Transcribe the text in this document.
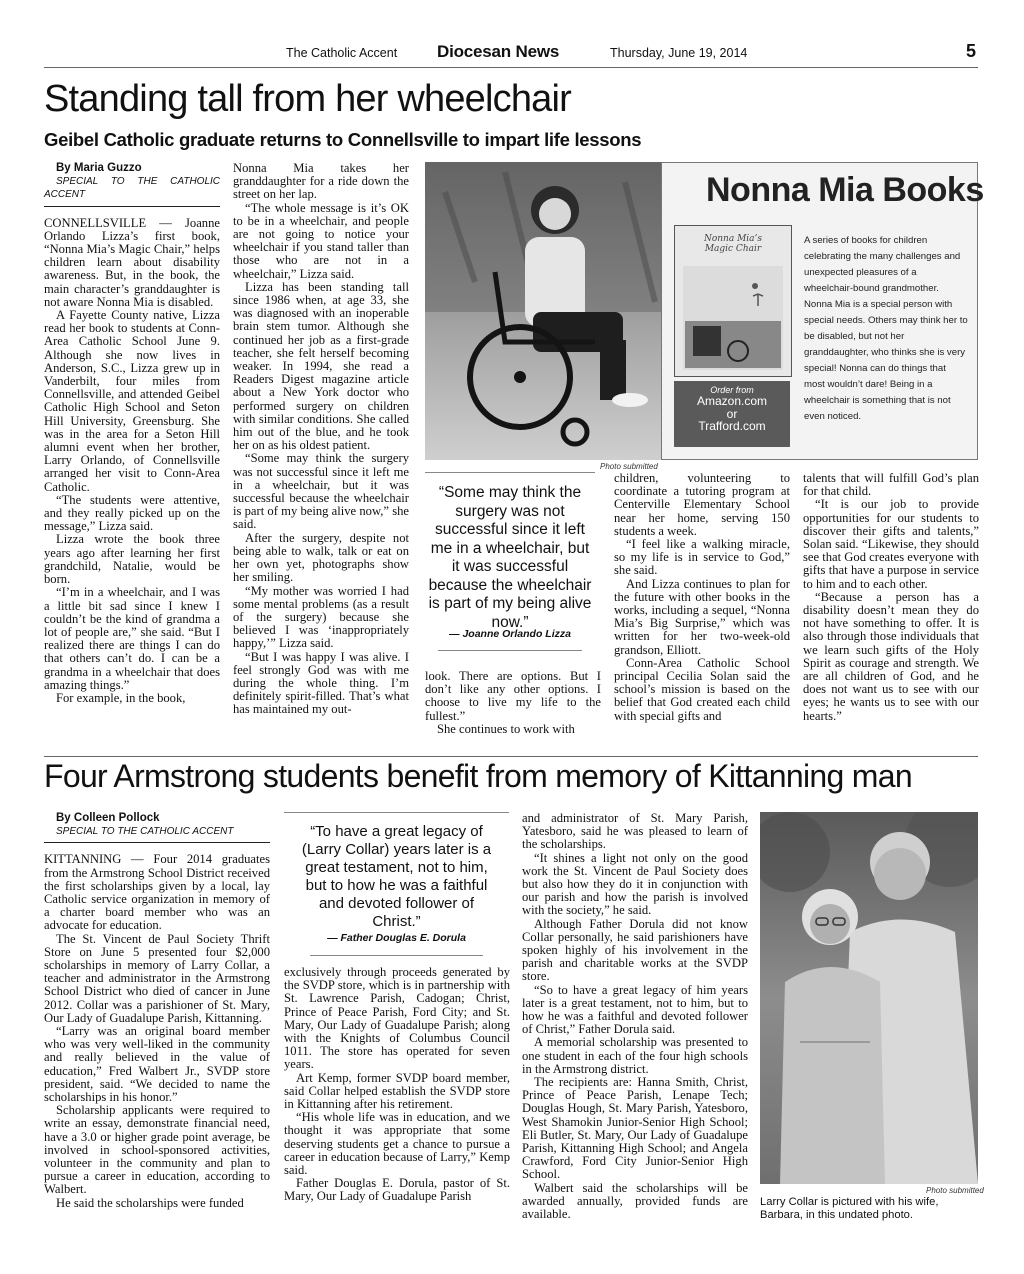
The Catholic Accent Diocesan News	Thursday, June 19, 2014	5
Standing tall from her wheelchair
Geibel Catholic graduate returns to Connellsville to impart life lessons

By Maria Guzzo

SPECIAL TO THE CATHOLIC ACCENT

CONNELLSVILLE — Joanne Orlando Lizza’s first book, “Nonna Mia’s Magic Chair,” helps children learn about disability awareness. But, in the book, the main character’s granddaughter is not aware Nonna Mia is disabled.

A Fayette County native, Lizza read her book to students at Conn-Area Catholic School June 9. Although she now lives in Anderson, S.C., Lizza grew up in Vanderbilt, four miles from Connellsville, and attended Geibel Catholic High School and Seton Hill University, Greensburg. She was in the area for a Seton Hill alumni event when her brother, Larry Orlando, of Connellsville arranged her visit to Conn-Area Catholic.

“The students were attentive, and they really picked up on the message,” Lizza said.

Lizza wrote the book three years ago after learning her first grandchild, Natalie, would be born.

“I’m in a wheelchair, and I was a little bit sad since I knew I couldn’t be the kind of grandma a lot of people are,” she said. “But I realized there are things I can do that others can’t do. I can be a grandma in a wheelchair that does amazing things.”

For example, in the book,

Nonna Mia takes her granddaughter for a ride down the street on her lap.

“The whole message is it’s OK to be in a wheelchair, and people are not going to notice your wheelchair if you stand taller than those who are not in a wheelchair,” Lizza said.

Lizza has been standing tall since 1986 when, at age 33, she was diagnosed with an inoperable brain stem tumor. Although she continued her job as a first-grade teacher, she felt herself becoming weaker. In 1994, she read a Readers Digest magazine article about a New York doctor who performed surgery on children with similar conditions. She called him out of the blue, and he took her on as his oldest patient.

“Some may think the surgery was not successful since it left me in a wheelchair, but it was successful because the wheelchair is part of my being alive now,” she said.

After the surgery, despite not being able to walk, talk or eat on her own yet, photographs show her smiling.

“My mother was worried I had some mental problems (as a result of the surgery) because she believed I was ‘inappropriately happy,’” Lizza said.

“But I was happy I was alive. I feel strongly God was with me during the whole thing. I’m definitely spirit-filled. That’s what has maintained my out-

Nonna Mia Books
Nonna Mia’s Magic Chair
Order from
Amazon.com
or
Trafford.com
A series of books for children celebrating the many challenges and unexpected pleasures of a wheelchair-bound grandmother. Nonna Mia is a special person with special needs. Others may think her to be disabled, but not her granddaughter, who thinks she is very special! Nonna can do things that most wouldn’t dare! Being in a wheelchair is something that is not even noticed.
Photo submitted
“Some may think the surgery was not successful since it left me in a wheelchair, but it was successful because the wheelchair is part of my being alive now.”
— Joanne Orlando Lizza

look. There are options. But I don’t like any other options. I choose to live my life to the fullest.”

She continues to work with

children, volunteering to coordinate a tutoring program at Centerville Elementary School near her home, serving 150 students a week.

“I feel like a walking miracle, so my life is in service to God,” she said.

And Lizza continues to plan for the future with other books in the works, including a sequel, “Nonna Mia’s Big Surprise,” which was written for her two-week-old grandson, Elliott.

Conn-Area Catholic School principal Cecilia Solan said the school’s mission is based on the belief that God created each child with special gifts and

talents that will fulfill God’s plan for that child.

“It is our job to provide opportunities for our students to discover their gifts and talents,” Solan said. “Likewise, they should see that God creates everyone with gifts that have a purpose in service to him and to each other.

“Because a person has a disability doesn’t mean they do not have something to offer. It is also through those individuals that we learn such gifts of the Holy Spirit as courage and strength. We are all children of God, and he does not want us to see with our eyes; he wants us to see with our hearts.”

Four Armstrong students benefit from memory of Kittanning man

By Colleen Pollock

SPECIAL TO THE CATHOLIC ACCENT

KITTANNING — Four 2014 graduates from the Armstrong School District received the first scholarships given by a local, lay Catholic service organization in memory of a charter board member who was an advocate for education.

The St. Vincent de Paul Society Thrift Store on June 5 presented four $2,000 scholarships in memory of Larry Collar, a teacher and administrator in the Armstrong School District who died of cancer in June 2012. Collar was a parishioner of St. Mary, Our Lady of Guadalupe Parish, Kittanning.

“Larry was an original board member who was very well-liked in the community and really believed in the value of education,” Fred Walbert Jr., SVDP store president, said. “We decided to name the scholarships in his honor.”

Scholarship applicants were required to write an essay, demonstrate financial need, have a 3.0 or higher grade point average, be involved in school-sponsored activities, volunteer in the community and plan to pursue a career in education, according to Walbert.

He said the scholarships were funded

“To have a great legacy of (Larry Collar) years later is a great testament, not to him, but to how he was a faithful and devoted follower of Christ.”
— Father Douglas E. Dorula

exclusively through proceeds generated by the SVDP store, which is in partnership with St. Lawrence Parish, Cadogan; Christ, Prince of Peace Parish, Ford City; and St. Mary, Our Lady of Guadalupe Parish; along with the Knights of Columbus Council 1011. The store has operated for seven years.

Art Kemp, former SVDP board member, said Collar helped establish the SVDP store in Kittanning after his retirement.

“His whole life was in education, and we thought it was appropriate that some deserving students get a chance to pursue a career in education because of Larry,” Kemp said.

Father Douglas E. Dorula, pastor of St. Mary, Our Lady of Guadalupe Parish

and administrator of St. Mary Parish, Yatesboro, said he was pleased to learn of the scholarships.

“It shines a light not only on the good work the St. Vincent de Paul Society does but also how they do it in conjunction with our parish and how the parish is involved with the society,” he said.

Although Father Dorula did not know Collar personally, he said parishioners have spoken highly of his involvement in the parish and charitable works at the SVDP store.

“So to have a great legacy of him years later is a great testament, not to him, but to how he was a faithful and devoted follower of Christ,” Father Dorula said.

A memorial scholarship was presented to one student in each of the four high schools in the Armstrong district.

The recipients are: Hanna Smith, Christ, Prince of Peace Parish, Lenape Tech; Douglas Hough, St. Mary Parish, Yatesboro, West Shamokin Junior-Senior High School; Eli Butler, St. Mary, Our Lady of Guadalupe Parish, Kittanning High School; and Angela Crawford, Ford City Junior-Senior High School.

Walbert said the scholarships will be awarded annually, provided funds are available.

Photo submitted
Larry Collar is pictured with his wife, Barbara, in this undated photo.
